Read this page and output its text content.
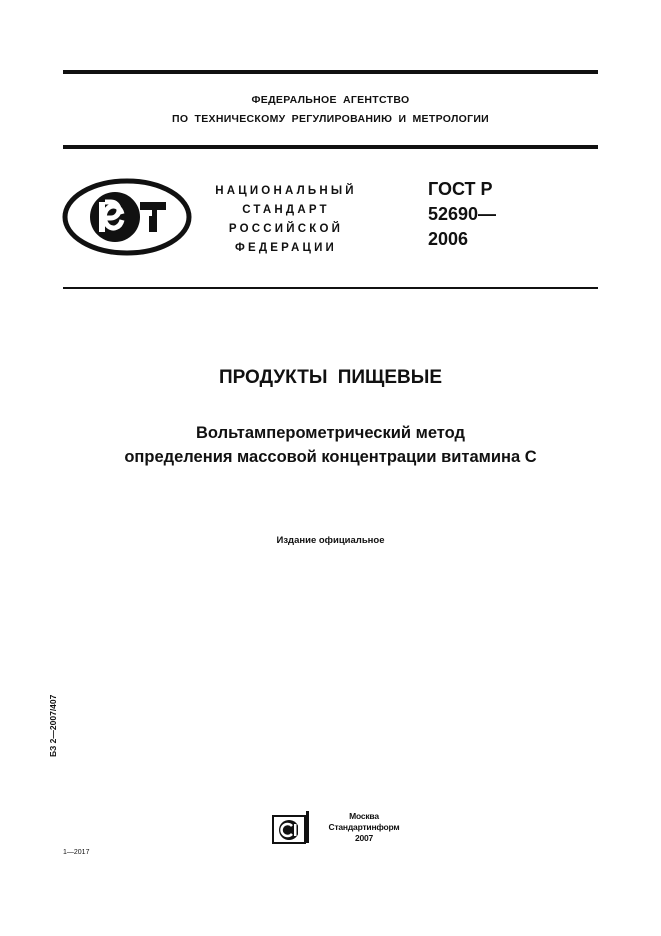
ФЕДЕРАЛЬНОЕ АГЕНТСТВО
ПО ТЕХНИЧЕСКОМУ РЕГУЛИРОВАНИЮ И МЕТРОЛОГИИ
НАЦИОНАЛЬНЫЙ
СТАНДАРТ
РОССИЙСКОЙ
ФЕДЕРАЦИИ
ГОСТ Р
52690—
2006
ПРОДУКТЫ ПИЩЕВЫЕ
Вольтамперометрический метод
определения массовой концентрации витамина С
Издание официальное
БЗ 2—2007/407
Москва
Стандартинформ
2007
1—2017
